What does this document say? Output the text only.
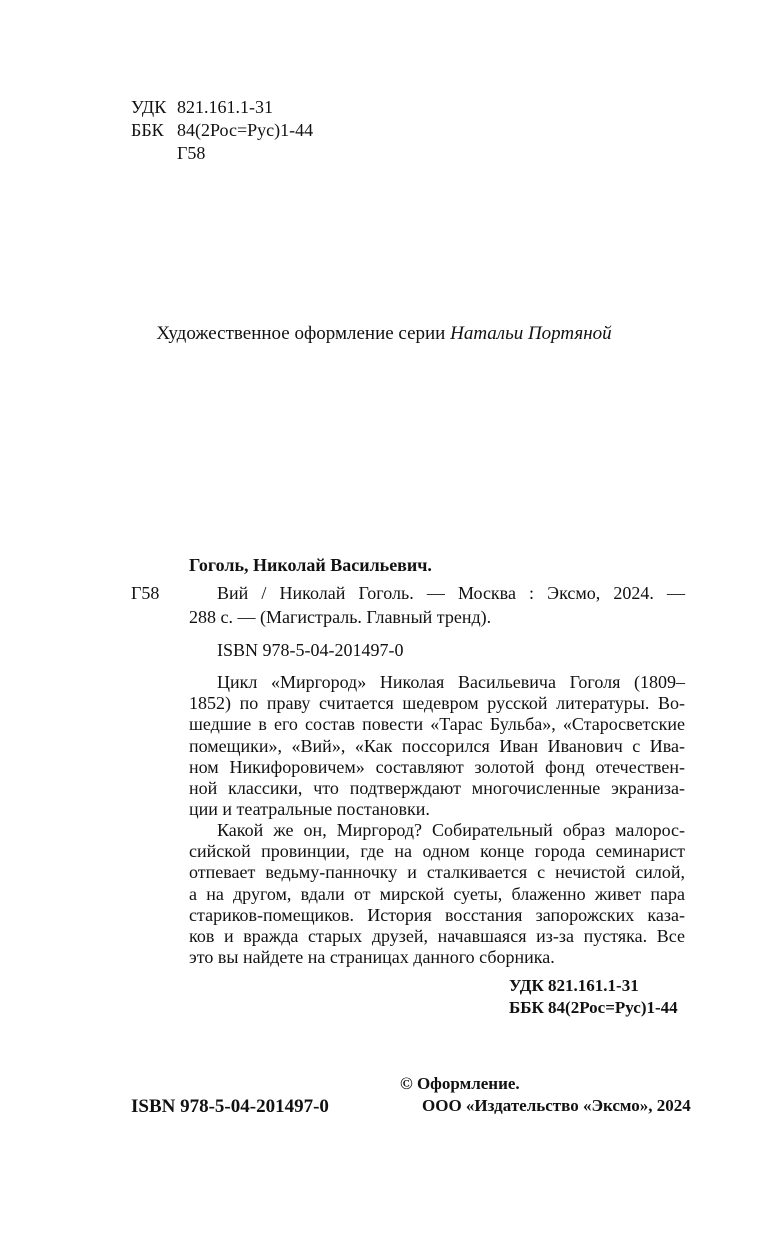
УДК 821.161.1-31
ББК 84(2Рос=Рус)1-44
Г58
Художественное оформление серии Натальи Портяной
Гоголь, Николай Васильевич.
Г58	Вий / Николай Гоголь. — Москва : Эксмо, 2024. —
288 с. — (Магистраль. Главный тренд).
ISBN 978-5-04-201497-0
Цикл «Миргород» Николая Васильевича Гоголя (1809–
1852) по праву считается шедевром русской литературы. Во-
шедшие в его состав повести «Тарас Бульба», «Старосветские
помещики», «Вий», «Как поссорился Иван Иванович с Ива-
ном Никифоровичем» составляют золотой фонд отечествен-
ной классики, что подтверждают многочисленные экраниза-
ции и театральные постановки.
Какой же он, Миргород? Собирательный образ малорос-
сийской провинции, где на одном конце города семинарист
отпевает ведьму-панночку и сталкивается с нечистой силой,
а на другом, вдали от мирской суеты, блаженно живет пара
стариков-помещиков. История восстания запорожских каза-
ков и вражда старых друзей, начавшаяся из-за пустяка. Все
это вы найдете на страницах данного сборника.
УДК 821.161.1-31
ББК 84(2Рос=Рус)1-44
ISBN 978-5-04-201497-0
© Оформление.
ООО «Издательство «Эксмо», 2024
